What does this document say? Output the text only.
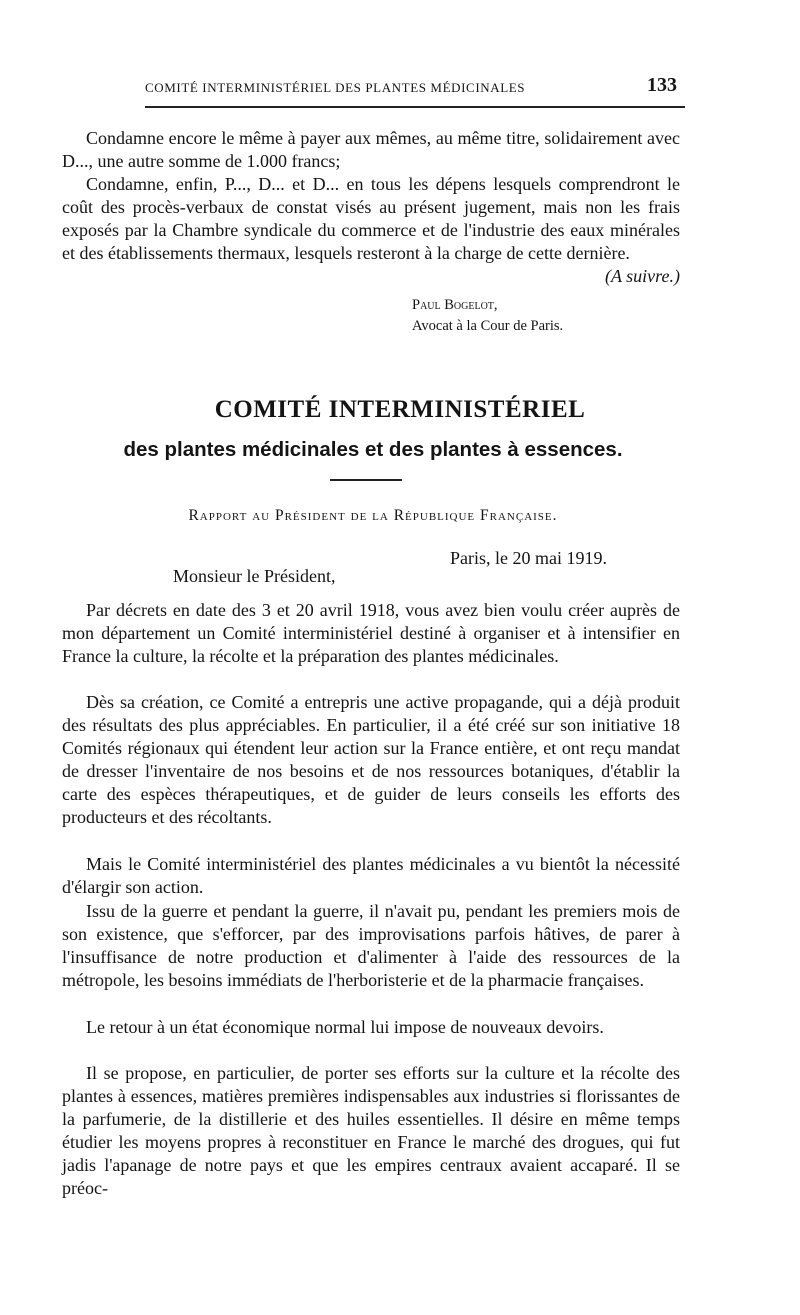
COMITÉ INTERMINISTÉRIEL DES PLANTES MÉDICINALES	133

Condamne encore le même à payer aux mêmes, au même titre, solidairement avec D..., une autre somme de 1.000 francs;

Condamne, enfin, P..., D... et D... en tous les dépens lesquels comprendront le coût des procès-verbaux de constat visés au présent jugement, mais non les frais exposés par la Chambre syndicale du commerce et de l'industrie des eaux minérales et des établissements thermaux, lesquels resteront à la charge de cette dernière.
(A suivre.)

Paul Bogelot,
Avocat à la Cour de Paris.
COMITÉ INTERMINISTÉRIEL
des plantes médicinales et des plantes à essences.
Rapport au Président de la République Française.
Paris, le 20 mai 1919.
Monsieur le Président,

Par décrets en date des 3 et 20 avril 1918, vous avez bien voulu créer auprès de mon département un Comité interministériel destiné à organiser et à intensifier en France la culture, la récolte et la préparation des plantes médicinales.

Dès sa création, ce Comité a entrepris une active propagande, qui a déjà produit des résultats des plus appréciables. En particulier, il a été créé sur son initiative 18 Comités régionaux qui étendent leur action sur la France entière, et ont reçu mandat de dresser l'inventaire de nos besoins et de nos ressources botaniques, d'établir la carte des espèces thérapeutiques, et de guider de leurs conseils les efforts des producteurs et des récoltants.

Mais le Comité interministériel des plantes médicinales a vu bientôt la nécessité d'élargir son action.

Issu de la guerre et pendant la guerre, il n'avait pu, pendant les premiers mois de son existence, que s'efforcer, par des improvisations parfois hâtives, de parer à l'insuffisance de notre production et d'alimenter à l'aide des ressources de la métropole, les besoins immédiats de l'herboristerie et de la pharmacie françaises.

Le retour à un état économique normal lui impose de nouveaux devoirs.

Il se propose, en particulier, de porter ses efforts sur la culture et la récolte des plantes à essences, matières premières indispensables aux industries si florissantes de la parfumerie, de la distillerie et des huiles essentielles. Il désire en même temps étudier les moyens propres à reconstituer en France le marché des drogues, qui fut jadis l'apanage de notre pays et que les empires centraux avaient accaparé. Il se préoc-
